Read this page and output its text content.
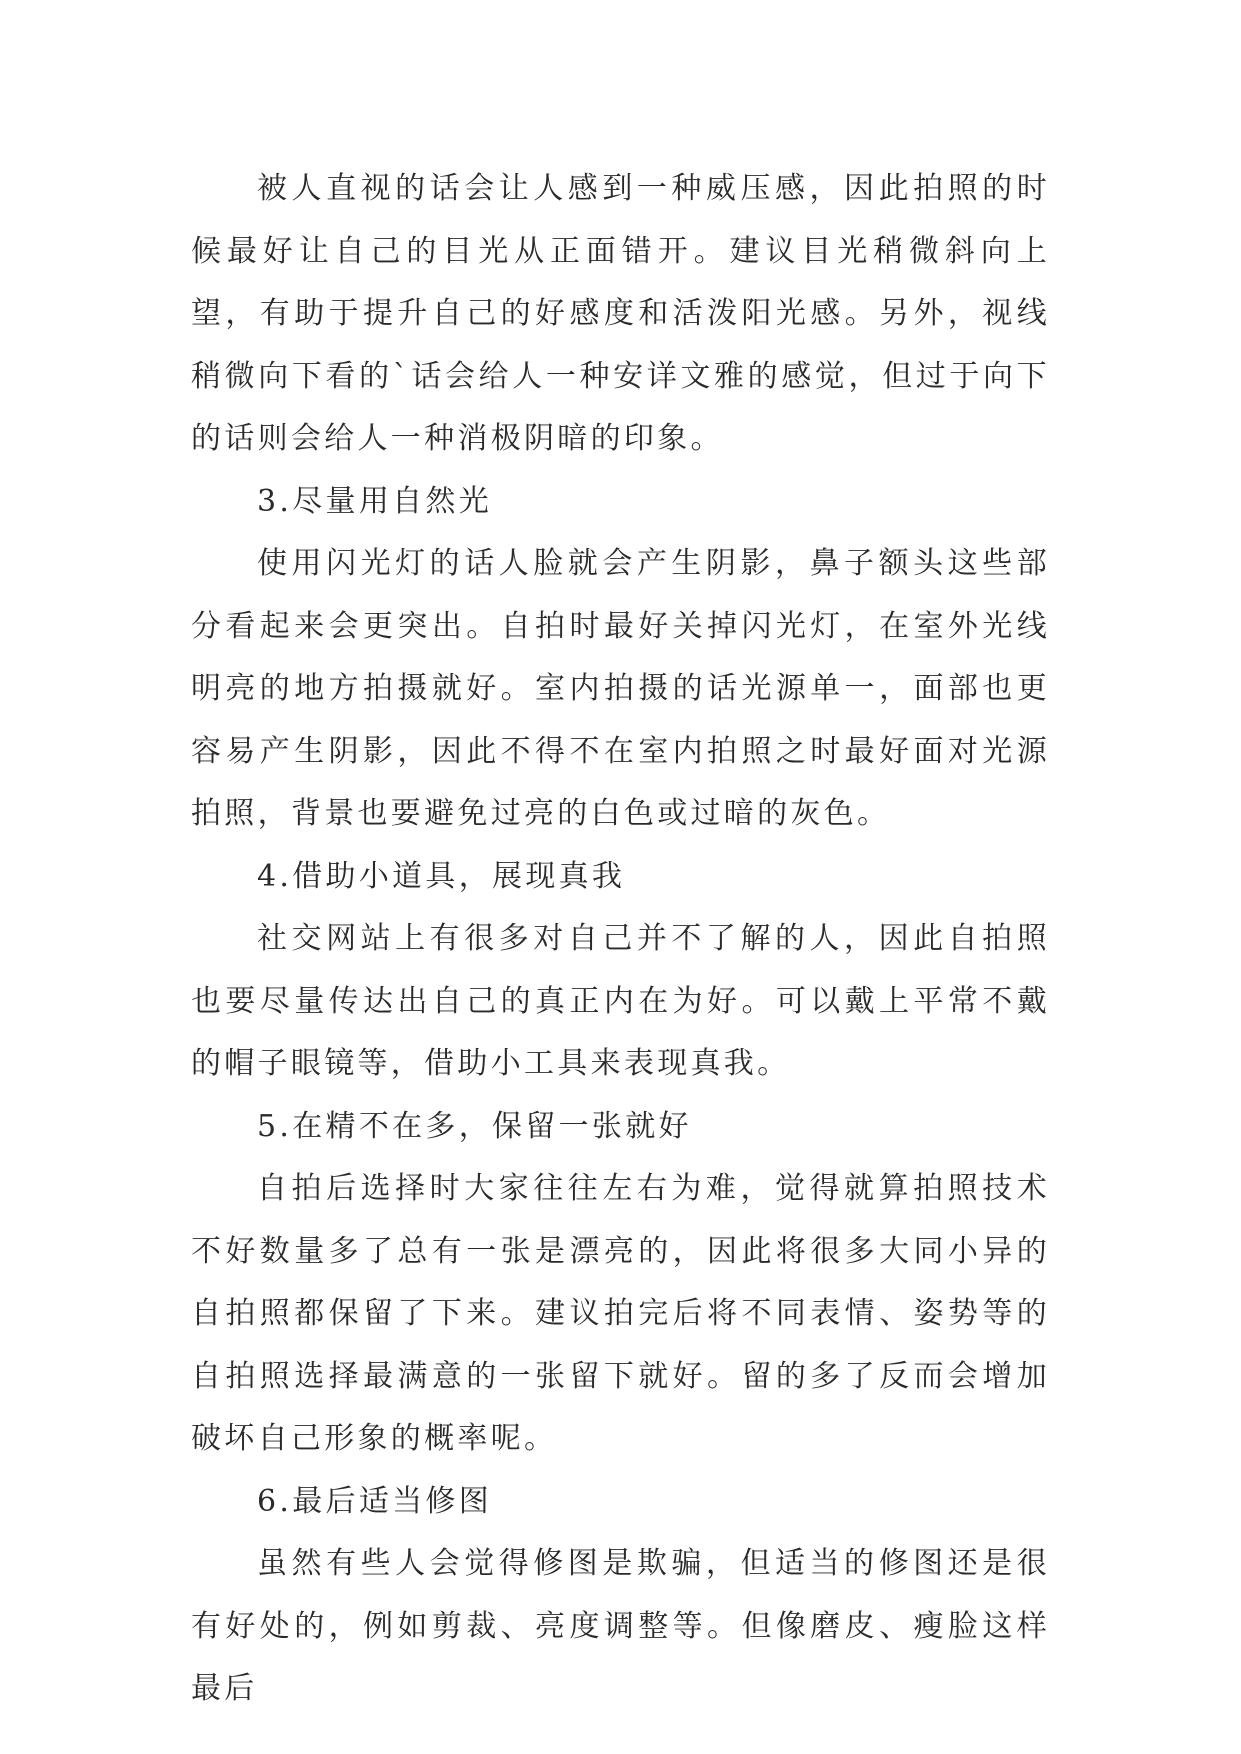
被人直视的话会让人感到一种威压感，因此拍照的时候最好让自己的目光从正面错开。建议目光稍微斜向上望，有助于提升自己的好感度和活泼阳光感。另外，视线稍微向下看的`话会给人一种安详文雅的感觉，但过于向下的话则会给人一种消极阴暗的印象。

3.尽量用自然光

使用闪光灯的话人脸就会产生阴影，鼻子额头这些部分看起来会更突出。自拍时最好关掉闪光灯，在室外光线明亮的地方拍摄就好。室内拍摄的话光源单一，面部也更容易产生阴影，因此不得不在室内拍照之时最好面对光源拍照，背景也要避免过亮的白色或过暗的灰色。

4.借助小道具，展现真我

社交网站上有很多对自己并不了解的人，因此自拍照也要尽量传达出自己的真正内在为好。可以戴上平常不戴的帽子眼镜等，借助小工具来表现真我。

5.在精不在多，保留一张就好

自拍后选择时大家往往左右为难，觉得就算拍照技术不好数量多了总有一张是漂亮的，因此将很多大同小异的自拍照都保留了下来。建议拍完后将不同表情、姿势等的自拍照选择最满意的一张留下就好。留的多了反而会增加破坏自己形象的概率呢。

6.最后适当修图

虽然有些人会觉得修图是欺骗，但适当的修图还是很有好处的，例如剪裁、亮度调整等。但像磨皮、瘦脸这样最后
